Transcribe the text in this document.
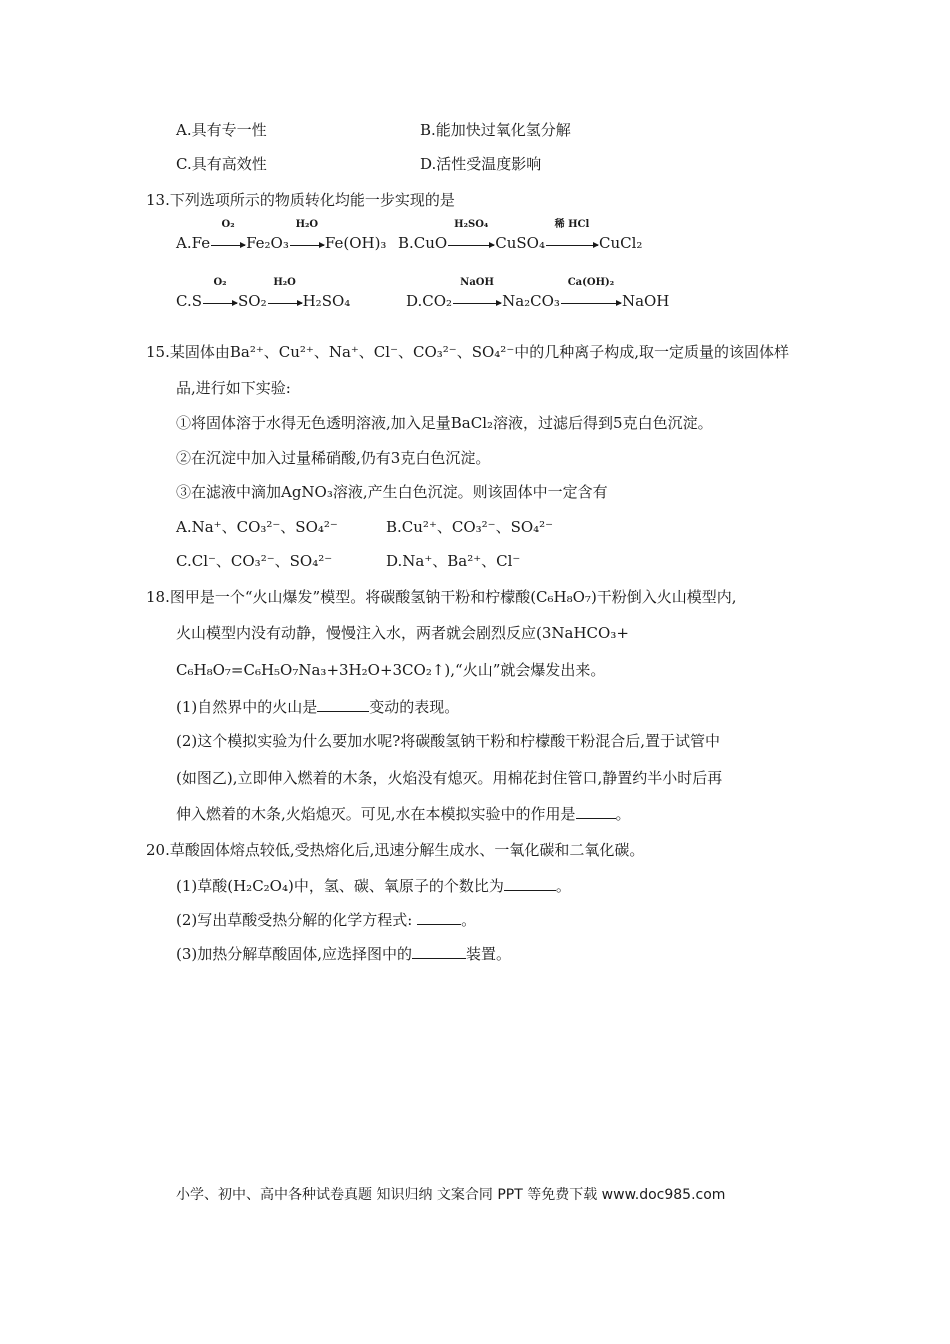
A.具有专一性	B.能加快过氧化氢分解
C.具有高效性	D.活性受温度影响
13.下列选项所示的物质转化均能一步实现的是
A.Fe
O₂
Fe₂O₃
H₂O
Fe(OH)₃ B.CuO
H₂SO₄
CuSO₄
稀 HCl
CuCl₂
C.S
O₂
SO₂
H₂O
H₂SO₄	D.CO₂
NaOH
Na₂CO₃
Ca(OH)₂
NaOH
15.某固体由Ba²⁺、Cu²⁺、Na⁺、Cl⁻、CO₃²⁻、SO₄²⁻中的几种离子构成,取一定质量的该固体样
品,进行如下实验:
①将固体溶于水得无色透明溶液,加入足量BaCl₂溶液，过滤后得到5克白色沉淀。
②在沉淀中加入过量稀硝酸,仍有3克白色沉淀。
③在滤液中滴加AgNO₃溶液,产生白色沉淀。则该固体中一定含有
A.Na⁺、CO₃²⁻、SO₄²⁻	B.Cu²⁺、CO₃²⁻、SO₄²⁻
C.Cl⁻、CO₃²⁻、SO₄²⁻	D.Na⁺、Ba²⁺、Cl⁻
18.图甲是一个“火山爆发”模型。将碳酸氢钠干粉和柠檬酸(C₆H₈O₇)干粉倒入火山模型内,
火山模型内没有动静，慢慢注入水，两者就会剧烈反应(3NaHCO₃+
C₆H₈O₇=C₆H₅O₇Na₃+3H₂O+3CO₂↑),“火山”就会爆发出来。
(1)自然界中的火山是	变动的表现。
(2)这个模拟实验为什么要加水呢?将碳酸氢钠干粉和柠檬酸干粉混合后,置于试管中
(如图乙),立即伸入燃着的木条，火焰没有熄灭。用棉花封住管口,静置约半小时后再
伸入燃着的木条,火焰熄灭。可见,水在本模拟实验中的作用是	。
20.草酸固体熔点较低,受热熔化后,迅速分解生成水、一氧化碳和二氧化碳。
(1)草酸(H₂C₂O₄)中，氢、碳、氧原子的个数比为	。
(2)写出草酸受热分解的化学方程式:	。
(3)加热分解草酸固体,应选择图中的	装置。
小学、初中、高中各种试卷真题 知识归纳 文案合同 PPT 等免费下载 www.doc985.com
